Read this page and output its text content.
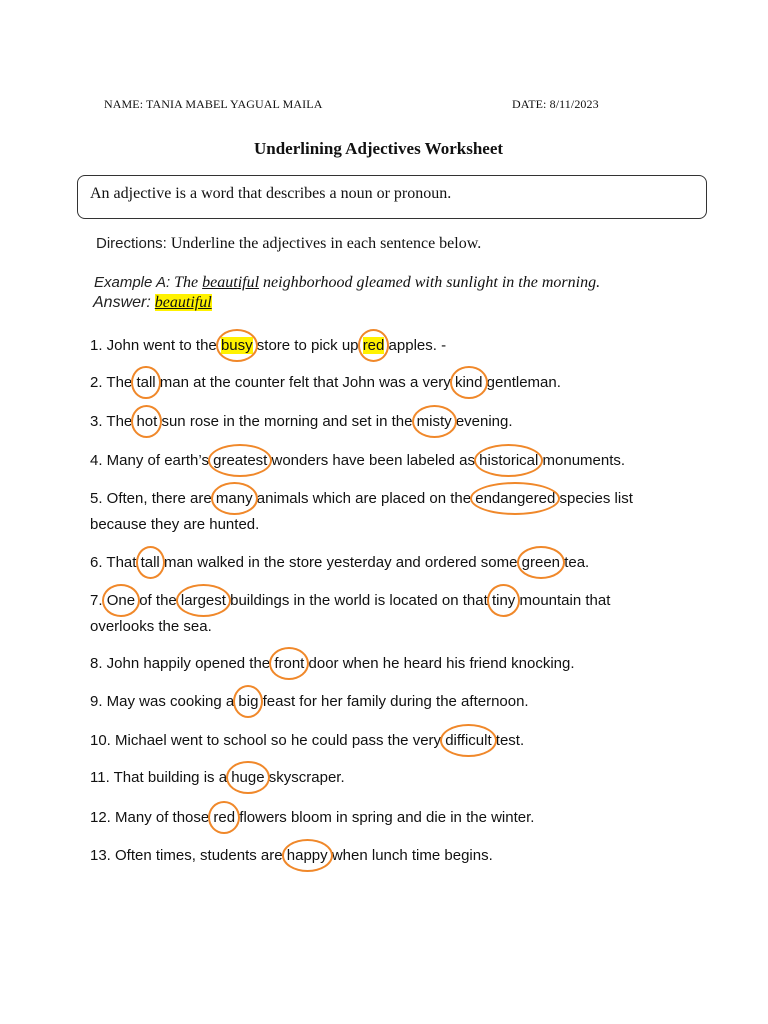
NAME: TANIA MABEL YAGUAL MAILA	DATE: 8/11/2023
Underlining Adjectives Worksheet
An adjective is a word that describes a noun or pronoun.
Directions: Underline the adjectives in each sentence below.
Example A: The beautiful neighborhood gleamed with sunlight in the morning.
Answer: beautiful
1. John went to the busy store to pick up red apples. -
2. The tall man at the counter felt that John was a very kind gentleman.
3. The hot sun rose in the morning and set in the misty evening.
4. Many of earth’s greatest wonders have been labeled as historical monuments.
5. Often, there are many animals which are placed on the endangered species list
because they are hunted.
6. That tall man walked in the store yesterday and ordered some green tea.
7. One of the largest buildings in the world is located on that tiny mountain that
overlooks the sea.
8. John happily opened the front door when he heard his friend knocking.
9. May was cooking a big feast for her family during the afternoon.
10. Michael went to school so he could pass the very difficult test.
11. That building is a huge skyscraper.
12. Many of those red flowers bloom in spring and die in the winter.
13. Often times, students are happy when lunch time begins.
